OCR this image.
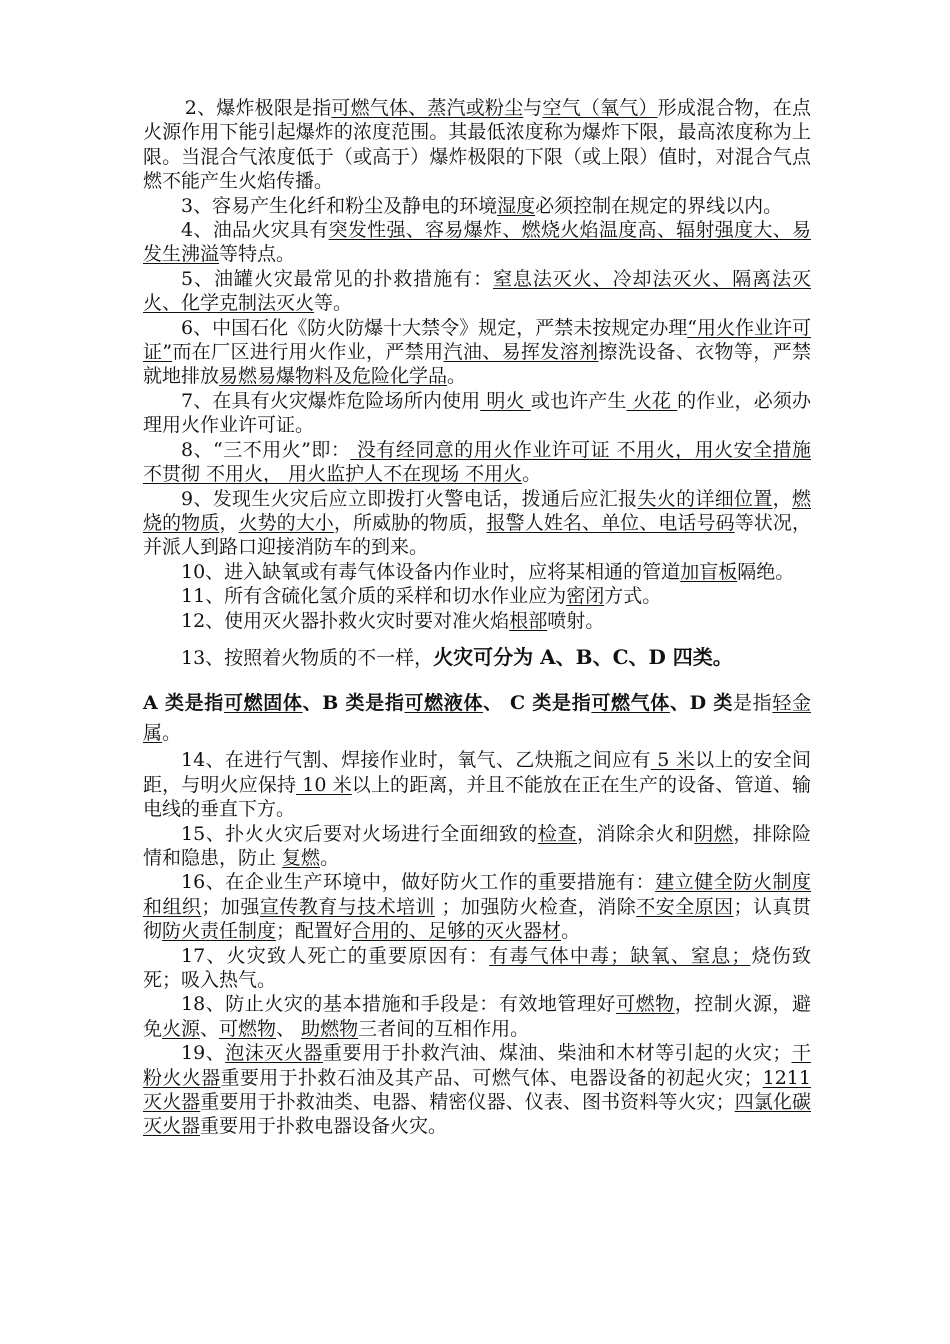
2、爆炸极限是指可燃气体、蒸汽或粉尘与空气（氧气）形成混合物，在点火源作用下能引起爆炸的浓度范围。其最低浓度称为爆炸下限，最高浓度称为上限。当混合气浓度低于（或高于）爆炸极限的下限（或上限）值时，对混合气点燃不能产生火焰传播。

3、容易产生化纤和粉尘及静电的环境湿度必须控制在规定的界线以内。

4、油品火灾具有突发性强、容易爆炸、燃烧火焰温度高、辐射强度大、易发生沸溢等特点。

5、油罐火灾最常见的扑救措施有：窒息法灭火、冷却法灭火、隔离法灭火、化学克制法灭火等。

6、中国石化《防火防爆十大禁令》规定，严禁未按规定办理“用火作业许可证”而在厂区进行用火作业，严禁用汽油、易挥发溶剂擦洗设备、衣物等，严禁就地排放易燃易爆物料及危险化学品。

7、在具有火灾爆炸危险场所内使用 明火 或也许产生 火花 的作业，必须办理用火作业许可证。

8、“三不用火”即： 没有经同意的用火作业许可证 不用火，用火安全措施不贯彻 不用火， 用火监护人不在现场 不用火。

9、发现生火灾后应立即拨打火警电话，拨通后应汇报失火的详细位置，燃烧的物质，火势的大小，所威胁的物质，报警人姓名、单位、电话号码等状况，并派人到路口迎接消防车的到来。

10、进入缺氧或有毒气体设备内作业时，应将某相通的管道加盲板隔绝。

11、所有含硫化氢介质的采样和切水作业应为密闭方式。

12、使用灭火器扑救火灾时要对准火焰根部喷射。

13、按照着火物质的不一样，火灾可分为 A、B、C、D 四类。

A 类是指可燃固体、B 类是指可燃液体、 C 类是指可燃气体、D 类是指轻金属。

14、在进行气割、焊接作业时，氧气、乙炔瓶之间应有 5 米以上的安全间距，与明火应保持 10 米以上的距离，并且不能放在正在生产的设备、管道、输电线的垂直下方。

15、扑火火灾后要对火场进行全面细致的检查，消除余火和阴燃，排除险情和隐患，防止 复燃。

16、在企业生产环境中，做好防火工作的重要措施有：建立健全防火制度和组织；加强宣传教育与技术培训 ；加强防火检查，消除不安全原因；认真贯彻防火责任制度；配置好合用的、足够的灭火器材。

17、火灾致人死亡的重要原因有：有毒气体中毒；缺氧、窒息；烧伤致死；吸入热气。

18、防止火灾的基本措施和手段是：有效地管理好可燃物，控制火源，避免火源、可燃物、 助燃物三者间的互相作用。

19、泡沫灭火器重要用于扑救汽油、煤油、柴油和木材等引起的火灾；干粉火火器重要用于扑救石油及其产品、可燃气体、电器设备的初起火灾；1211 灭火器重要用于扑救油类、电器、精密仪器、仪表、图书资料等火灾；四氯化碳灭火器重要用于扑救电器设备火灾。
